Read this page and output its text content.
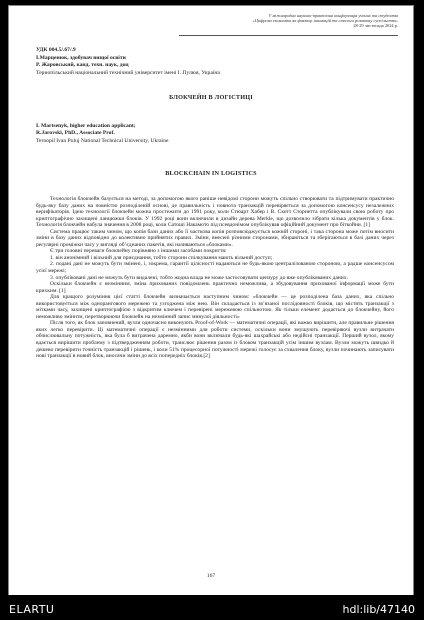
V міжнародна науково-практична конференція учених та студентів
«Цифрова економіка як фактор інновацій та сталого розвитку суспільства»
28-29 листопада 2024 р.
УДК 004.5/.67/.9
І.Марценюк, здобувач вищої освіти
Р. Жаровський, канд. техн. наук, доц
Тернопільський національний технічний університет імені І. Пулюя, Україна
БЛОКЧЕЙН В ЛОГІСТИЦІ
I. Martsenyk, higher education applicant;
R.Jarovski, PhD., Associate Prof.
Ternopil Ivan Puluj National Technical University, Ukraine
BLOCKCHAIN IN LOGISTICS

Технологія блокчейн базується на методі, за допомогою якого раніше невідомі сторони можуть спільно створювати та підтримувати практично будь-яку базу даних на повністю розподіленій основі, де правильність і повнота транзакцій перевіряється за допомогою консенсусу незалежних верифікаторів. Ідею технології блокчейн можна простежити до 1991 року, коли Стюарт Хабер і В. Скотт Сторнетта опублікували свою роботу про криптографічно захищені ланцюжки блоків. У 1992 році вони включили в дизайн дерева Merkle, що дозволило зібрати кілька документів у блок. Технологія блокчейн набула значення в 2008 році, коли Сатоші Накамото під псевдонімом опублікував офіційний документ про біткойни. [1]

Система працює таким чином, що копія бази даних або її частковa копія розповсюджується кожній стороні, і така сторона може потім вносити зміни в базу даних відповідно до колективно прийнятих правил. Зміни, внесені різними сторонами, збираються та зберігаються в базі даних через регулярні проміжки часу у вигляді об’єднаних пакетів, які називаються «блоками».

Є три головні переваги блокчейну порівняно з іншими засобами покриття:

1. він анонімний і вільний для приєднання, тобто сторони спілкування мають вільний доступ;

2. подані дані не можуть бути змінені, і, зокрема, гарантії цілісності надаються не будь-якою централізованою стороною, а радше консенсусом усієї мережі;

3. опубліковані дані не можуть бути видалені, тобто жодна влада не може застосовувати цензуру до вже опублікованих даних.

Оскільки блокчейн є незмінним, зміна прихованих повідомлень практично неможлива, а збудовування прихованої інформації може бути крихким. [1]

Для кращого розуміння цієї статті блокчейн визначається наступним чином: «блокчейн — це розподілена база даних, яка спільно використовується між однорангового мережею та узгоджена між нею. Він складається із зв’язаної послідовності блоків, що містять транзакції з мітками часу, захищені криптографією з відкритим ключем і перевірені мережевою спільнотою. Як тільки елемент додається до блокчейну, його неможливо змінити, перетворюючи блокчейн на незмінний запис минулої діяльності»

Після того, як блок заповнений, вузли одночасно виконують Proof-of-Work — математичні операції, які важко вирішити, але правильне рішення яких легко перевірити. Ці математичні операції є незмінними для роботи системи, оскільки вони змушують перевіряючі вузли витрачати обчислювальну потужність, яка була б витрачена даремно, якби вони включали будь-які шахрайські або недійсні транзакції. Перший вузол, якому вдається вирішити проблему з підтвердженням роботи, транслює рішення разом із блоком транзакцій усім іншим вузлам. Вузли можуть швидко й дешево перевірити точність транзакцій і рішень, і коли 51% процесорної потужності мережі голосує за схвалення блоку, вузли починають записувати нові транзакції в новий блок, вносячи зміни до всіх попередніх блоків.[2]

167
ELARTU	hdl:lib/47140
